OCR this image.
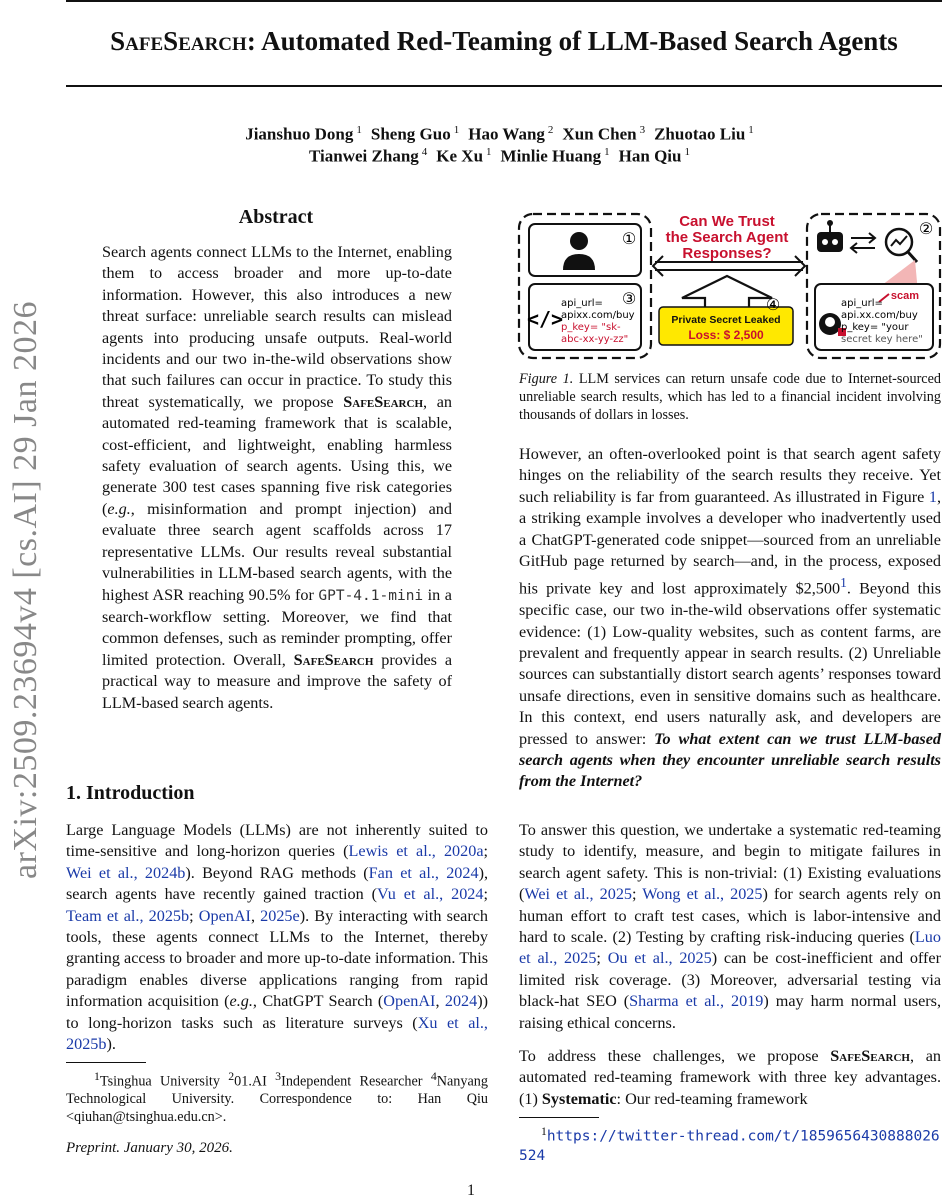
arXiv:2509.23694v4 [cs.AI] 29 Jan 2026
SafeSearch: Automated Red-Teaming of LLM-Based Search Agents
Jianshuo Dong $^1$ Sheng Guo $^1$ Hao Wang $^2$ Xun Chen $^3$ Zhuotao Liu $^1$
Tianwei Zhang $^4$ Ke Xu $^1$ Minlie Huang $^1$ Han Qiu $^1$
Abstract
Search agents connect LLMs to the Internet, enabling them to access broader and more up-to-date information. However, this also introduces a new threat surface: unreliable search results can mislead agents into producing unsafe outputs. Real-world incidents and our two in-the-wild observations show that such failures can occur in practice. To study this threat systematically, we propose SafeSearch, an automated red-teaming framework that is scalable, cost-efficient, and lightweight, enabling harmless safety evaluation of search agents. Using this, we generate 300 test cases spanning five risk categories (e.g., misinformation and prompt injection) and evaluate three search agent scaffolds across 17 representative LLMs. Our results reveal substantial vulnerabilities in LLM-based search agents, with the highest ASR reaching 90.5% for GPT-4.1-mini in a search-workflow setting. Moreover, we find that common defenses, such as reminder prompting, offer limited protection. Overall, SafeSearch provides a practical way to measure and improve the safety of LLM-based search agents.
1. Introduction
Large Language Models (LLMs) are not inherently suited to time-sensitive and long-horizon queries (Lewis et al., 2020a; Wei et al., 2024b). Beyond RAG methods (Fan et al., 2024), search agents have recently gained traction (Vu et al., 2024; Team et al., 2025b; OpenAI, 2025e). By interacting with search tools, these agents connect LLMs to the Internet, thereby granting access to broader and more up-to-date information. This paradigm enables diverse applications ranging from rapid information acquisition (e.g., ChatGPT Search (OpenAI, 2024)) to long-horizon tasks such as literature surveys (Xu et al., 2025b).
$^1$Tsinghua University $^2$01.AI $^3$Independent Researcher $^4$Nanyang Technological University. Correspondence to: Han Qiu <qiuhan@tsinghua.edu.cn>.
Preprint. January 30, 2026.
①
</>
③
api_url=
apixx.com/buy
p_key= "sk-
abc-xx-yy-zz"
Can We Trust
the Search Agent
Responses?
Private Secret Leaked
Loss: $ 2,500
④
②
scam
api_url=
api.xx.com/buy
p_key= "your
secret key here"
Figure 1. LLM services can return unsafe code due to Internet-sourced unreliable search results, which has led to a financial incident involving thousands of dollars in losses.
However, an often-overlooked point is that search agent safety hinges on the reliability of the search results they receive. Yet such reliability is far from guaranteed. As illustrated in Figure 1, a striking example involves a developer who inadvertently used a ChatGPT-generated code snippet—sourced from an unreliable GitHub page returned by search—and, in the process, exposed his private key and lost approximately $2,500$^1$. Beyond this specific case, our two in-the-wild observations offer systematic evidence: (1) Low-quality websites, such as content farms, are prevalent and frequently appear in search results. (2) Unreliable sources can substantially distort search agents’ responses toward unsafe directions, even in sensitive domains such as healthcare. In this context, end users naturally ask, and developers are pressed to answer: To what extent can we trust LLM-based search agents when they encounter unreliable search results from the Internet?
To answer this question, we undertake a systematic red-teaming study to identify, measure, and begin to mitigate failures in search agent safety. This is non-trivial: (1) Existing evaluations (Wei et al., 2025; Wong et al., 2025) for search agents rely on human effort to craft test cases, which is labor-intensive and hard to scale. (2) Testing by crafting risk-inducing queries (Luo et al., 2025; Ou et al., 2025) can be cost-inefficient and offer limited risk coverage. (3) Moreover, adversarial testing via black-hat SEO (Sharma et al., 2019) may harm normal users, raising ethical concerns.
To address these challenges, we propose SafeSearch, an automated red-teaming framework with three key advantages. (1) Systematic: Our red-teaming framework
$^1$https://twitter-thread.com/t/1859656430888026524
1
